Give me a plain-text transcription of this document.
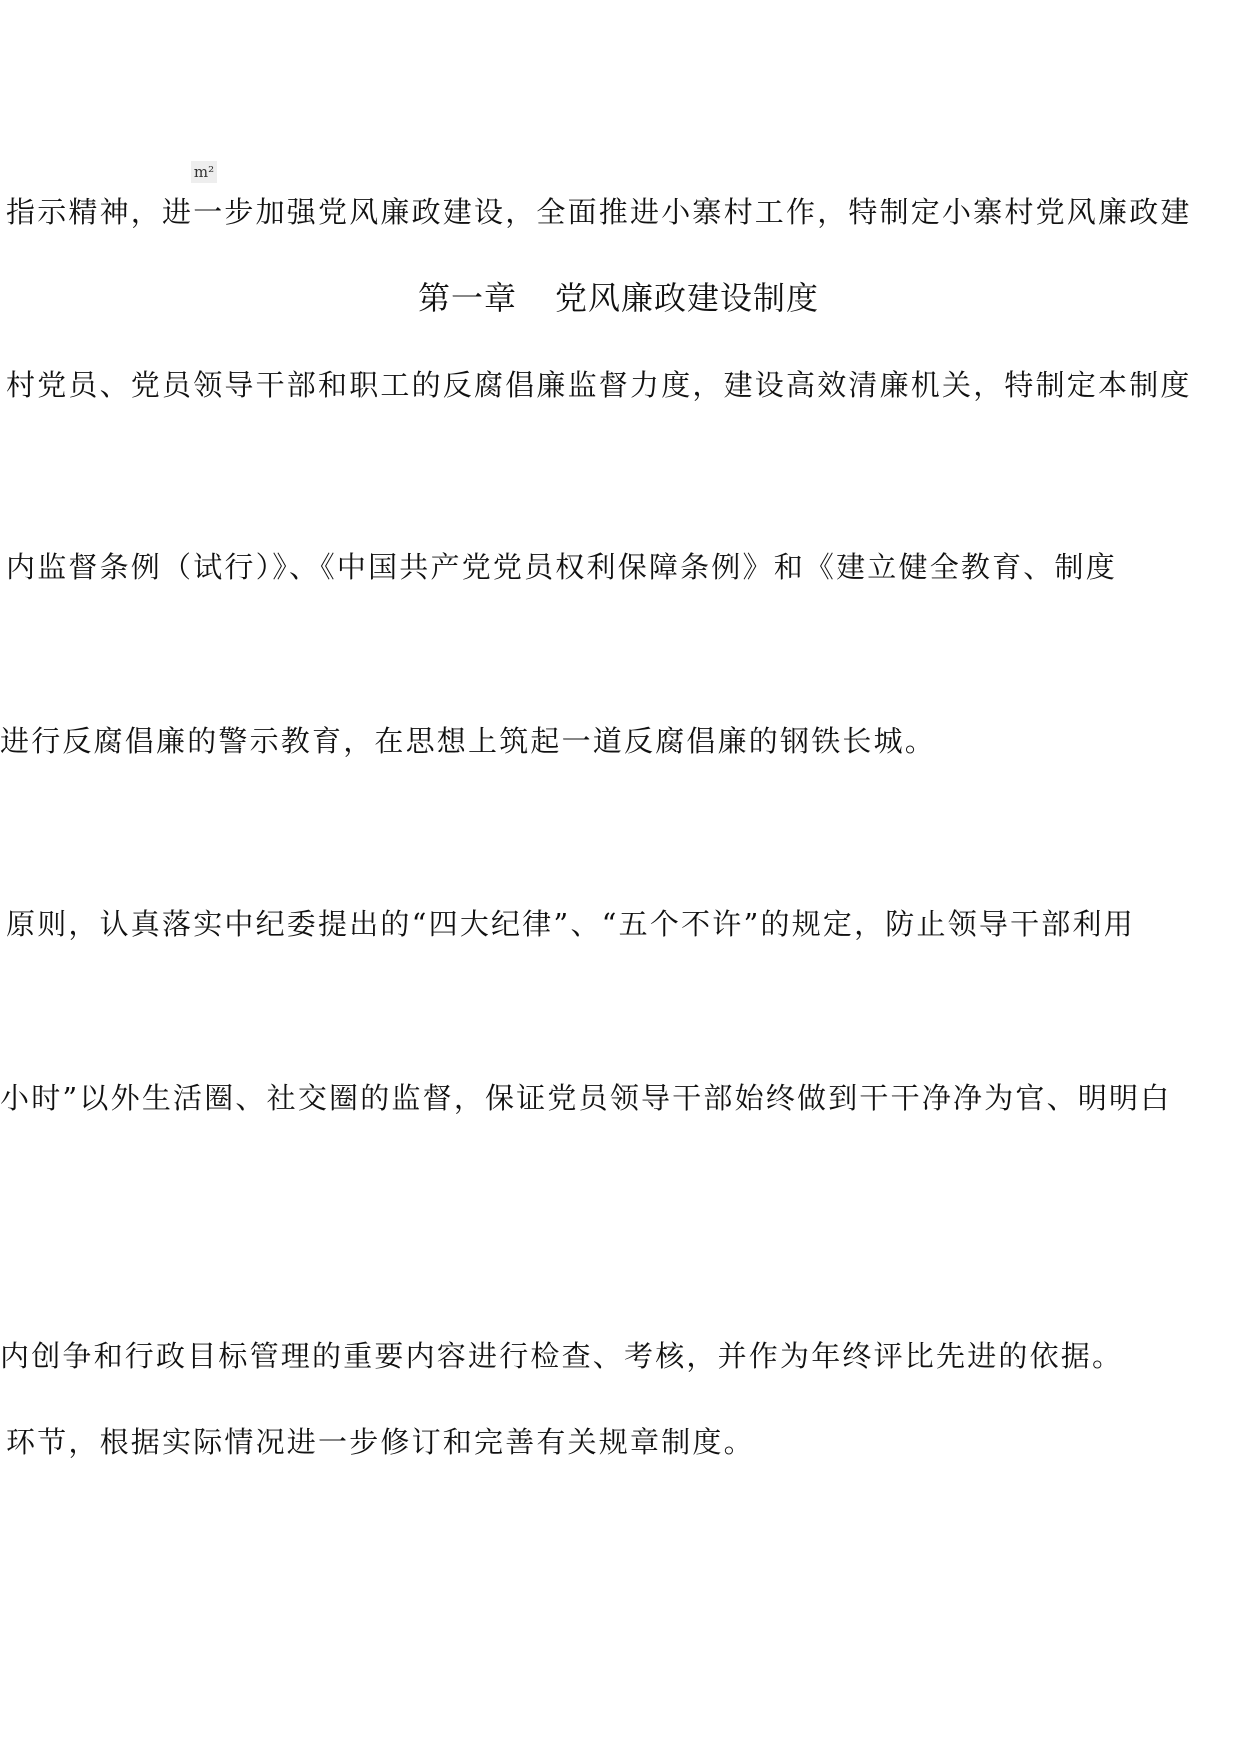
m²
指示精神，进一步加强党风廉政建设，全面推进小寨村工作，特制定小寨村党风廉政建
第一章 党风廉政建设制度
村党员、党员领导干部和职工的反腐倡廉监督力度，建设高效清廉机关，特制定本制度
内监督条例（试行）》、《中国共产党党员权利保障条例》和《建立健全教育、制度
进行反腐倡廉的警示教育，在思想上筑起一道反腐倡廉的钢铁长城。
原则，认真落实中纪委提出的“四大纪律”、“五个不许”的规定，防止领导干部利用
小时”以外生活圈、社交圈的监督，保证党员领导干部始终做到干干净净为官、明明白
内创争和行政目标管理的重要内容进行检查、考核，并作为年终评比先进的依据。
环节，根据实际情况进一步修订和完善有关规章制度。
